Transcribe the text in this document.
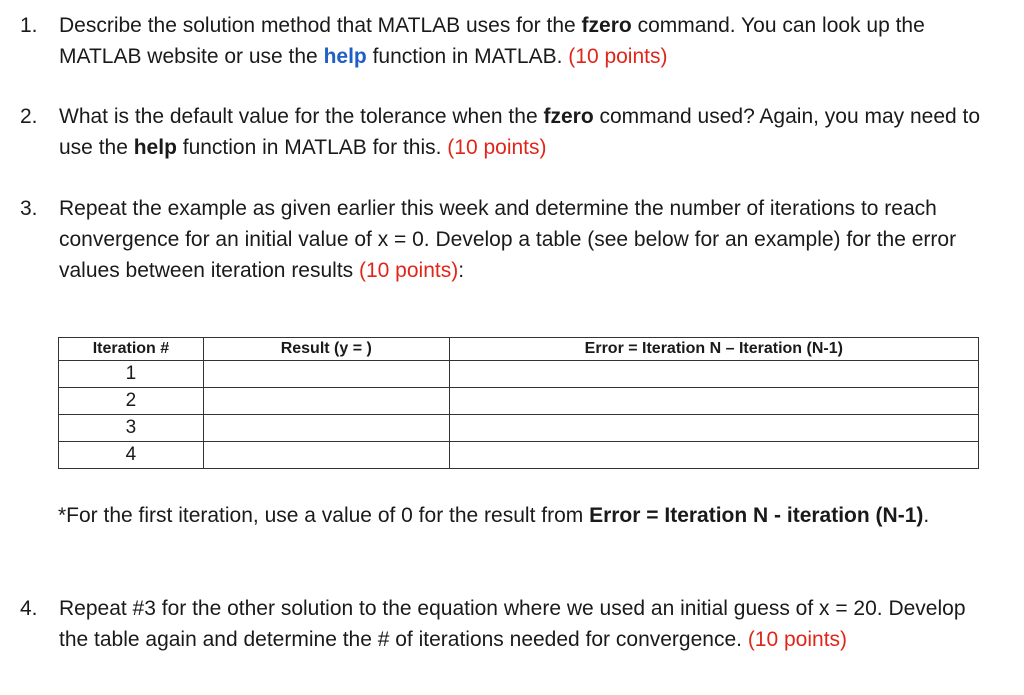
1. Describe the solution method that MATLAB uses for the fzero command. You can look up the MATLAB website or use the help function in MATLAB. (10 points)
2. What is the default value for the tolerance when the fzero command used? Again, you may need to use the help function in MATLAB for this. (10 points)
3. Repeat the example as given earlier this week and determine the number of iterations to reach convergence for an initial value of x = 0. Develop a table (see below for an example) for the error values between iteration results (10 points):
Iteration #	Result (y = )	Error = Iteration N – Iteration (N-1)
1		
2		
3		
4		
*For the first iteration, use a value of 0 for the result from Error = Iteration N - iteration (N-1).
4. Repeat #3 for the other solution to the equation where we used an initial guess of x = 20. Develop the table again and determine the # of iterations needed for convergence. (10 points)
